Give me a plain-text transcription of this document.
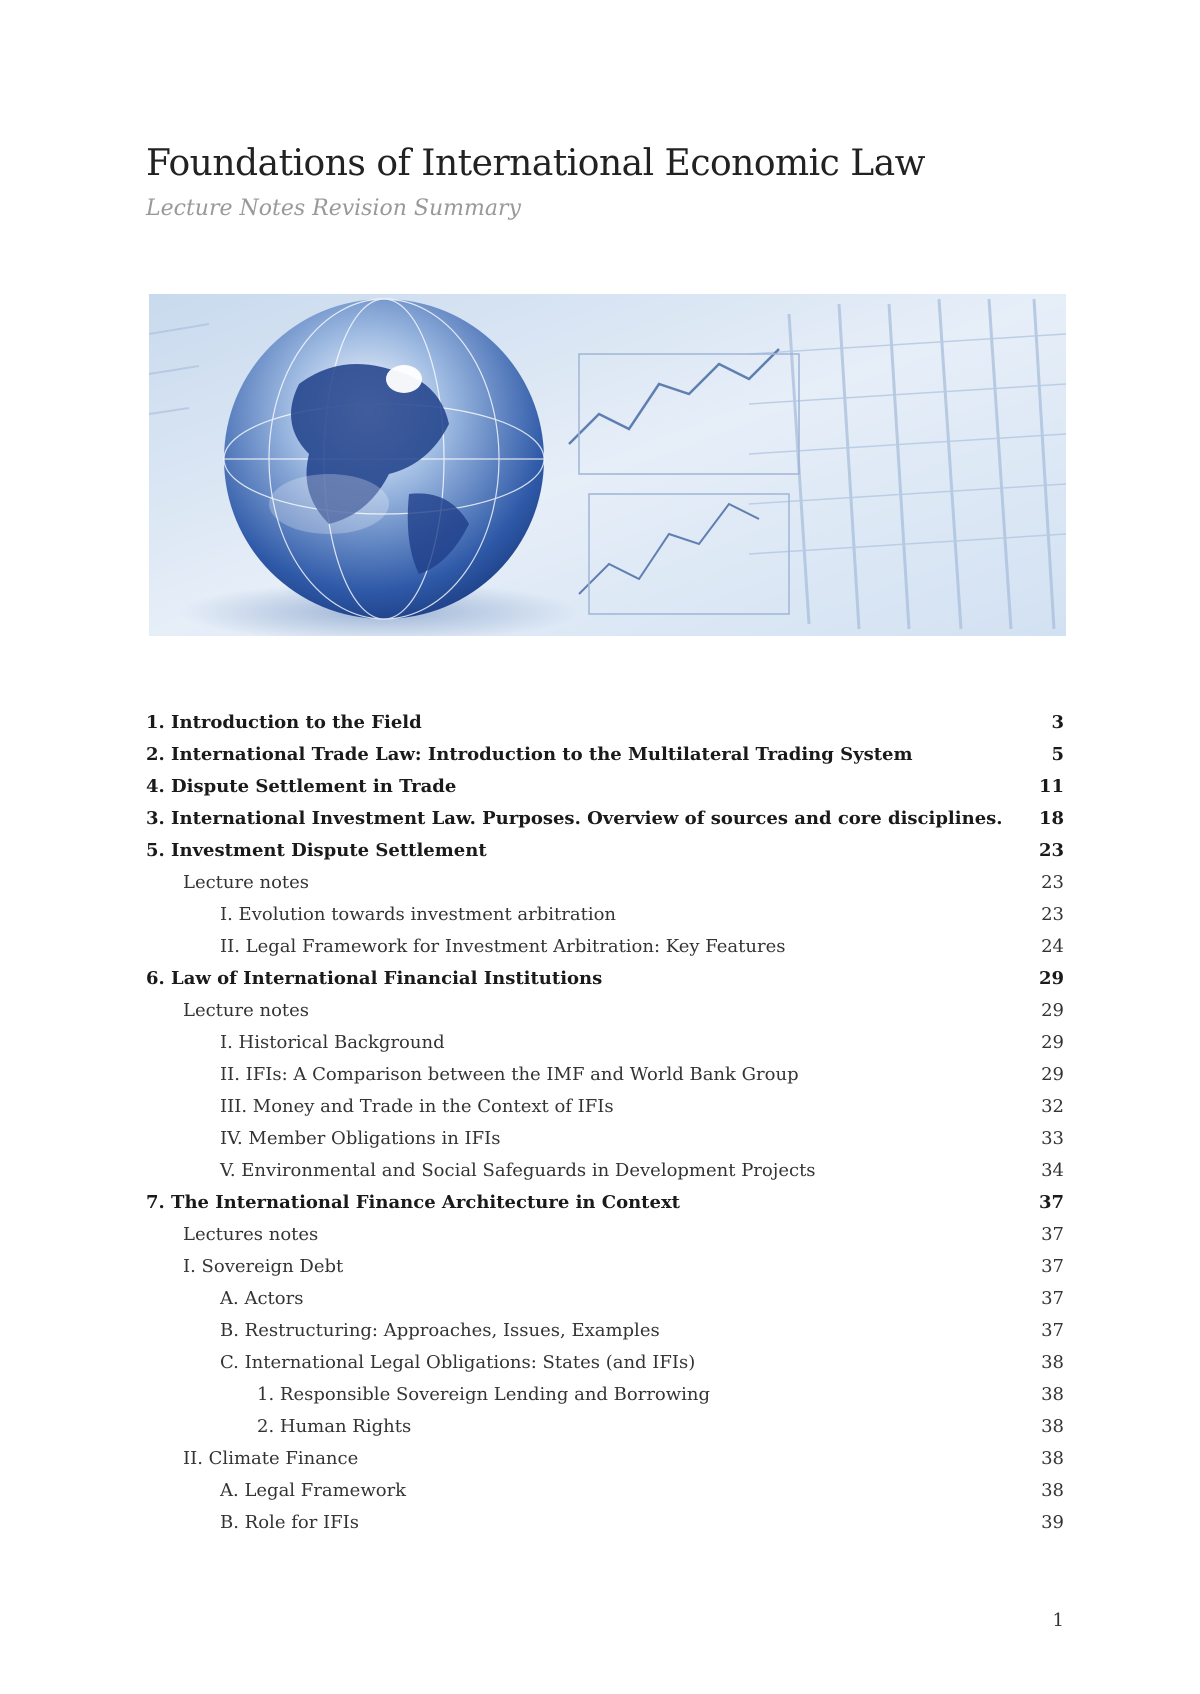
Foundations of International Economic Law

Lecture Notes Revision Summary

1. Introduction to the Field	3
2. International Trade Law: Introduction to the Multilateral Trading System	5
4. Dispute Settlement in Trade	11
3. International Investment Law. Purposes. Overview of sources and core disciplines. 18
5. Investment Dispute Settlement	23
Lecture notes	23
I. Evolution towards investment arbitration	23
II. Legal Framework for Investment Arbitration: Key Features	24
6. Law of International Financial Institutions	29
Lecture notes	29
I. Historical Background	29
II. IFIs: A Comparison between the IMF and World Bank Group	29
III. Money and Trade in the Context of IFIs	32
IV. Member Obligations in IFIs	33
V. Environmental and Social Safeguards in Development Projects	34
7. The International Finance Architecture in Context	37
Lectures notes	37
I. Sovereign Debt	37
A. Actors	37
B. Restructuring: Approaches, Issues, Examples	37
C. International Legal Obligations: States (and IFIs)	38
1. Responsible Sovereign Lending and Borrowing	38
2. Human Rights	38
II. Climate Finance	38
A. Legal Framework	38
B. Role for IFIs	39
1
